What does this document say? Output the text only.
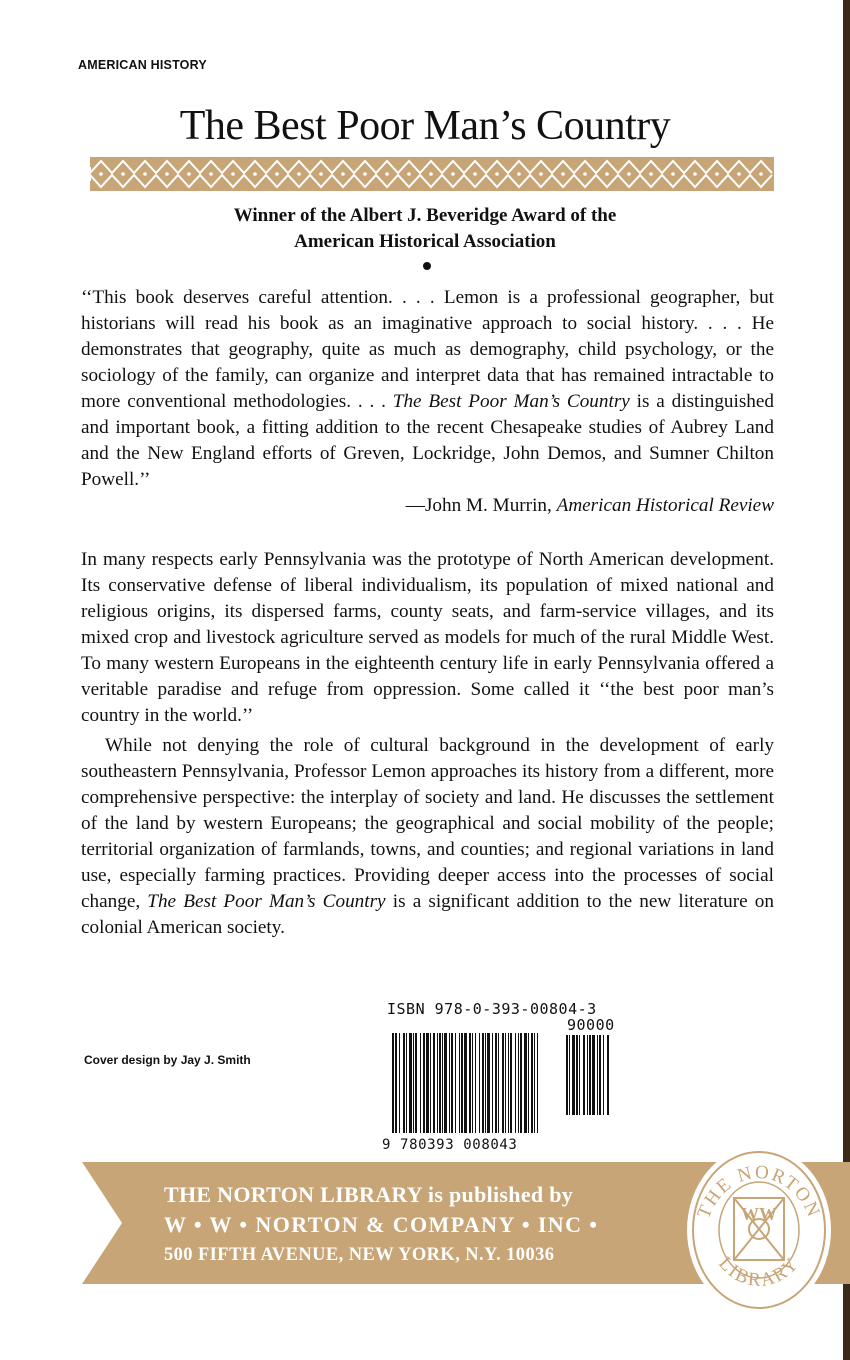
AMERICAN HISTORY
The Best Poor Man’s Country
Winner of the Albert J. Beveridge Award of the
American Historical Association

‘‘This book deserves careful attention. . . . Lemon is a professional geographer, but historians will read his book as an imaginative approach to social history. . . . He demonstrates that geography, quite as much as demography, child psychology, or the sociology of the family, can organize and interpret data that has remained intractable to more conventional methodologies. . . . The Best Poor Man’s Country is a distinguished and important book, a fitting addition to the recent Chesapeake studies of Aubrey Land and the New England efforts of Greven, Lockridge, John Demos, and Sumner Chilton Powell.’’

—John M. Murrin, American Historical Review

In many respects early Pennsylvania was the prototype of North American development. Its conservative defense of liberal individualism, its population of mixed national and religious origins, its dispersed farms, county seats, and farm-service villages, and its mixed crop and livestock agriculture served as models for much of the rural Middle West. To many western Europeans in the eighteenth century life in early Pennsylvania offered a veritable paradise and refuge from oppression. Some called it ‘‘the best poor man’s country in the world.’’

While not denying the role of cultural background in the development of early southeastern Pennsylvania, Professor Lemon approaches its history from a different, more comprehensive perspective: the interplay of society and land. He discusses the settlement of the land by western Europeans; the geographical and social mobility of the people; territorial organization of farmlands, towns, and counties; and regional variations in land use, especially farming practices. Providing deeper access into the processes of social change, The Best Poor Man’s Country is a significant addition to the new literature on colonial American society.

ISBN 978-0-393-00804-3
90000
9 780393 008043
Cover design by Jay J. Smith
THE NORTON LIBRARY is published by
W • W • NORTON & COMPANY • INC •
500 FIFTH AVENUE, NEW YORK, N.Y. 10036
THE NORTON
LIBRARY
WW
